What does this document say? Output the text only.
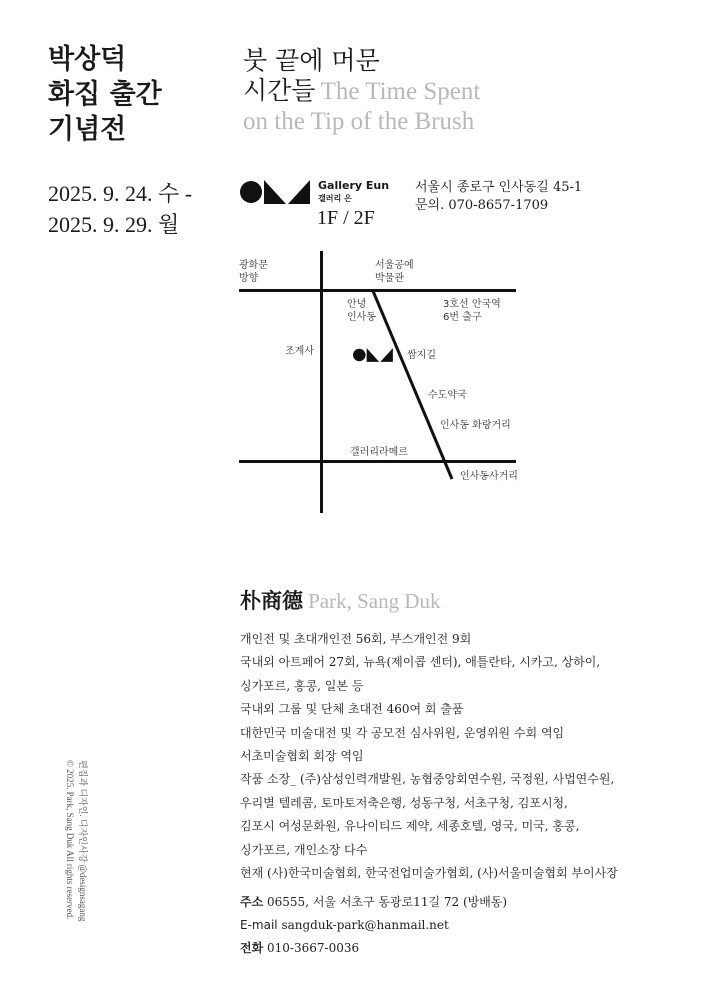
박상덕
화집 출간
기념전
붓 끝에 머문
시간들 The Time Spent
on the Tip of the Brush
2025. 9. 24. 수 -
2025. 9. 29. 월
Gallery Eun
갤러리 은
1F / 2F
서울시 종로구 인사동길 45-1
문의. 070-8657-1709
광화문
방향
서울공예
박물관
안녕
인사동
3호선 안국역
6번 출구
조계사	쌈지길
수도약국
인사동 화랑거리
갤러리라메르
인사동사거리
朴商德 Park, Sang Duk
개인전 및 초대개인전 56회, 부스개인전 9회
국내외 아트페어 27회, 뉴욕(제이콥 센터), 애틀란타, 시카고, 상하이,
싱가포르, 홍콩, 일본 등
국내외 그룹 및 단체 초대전 460여 회 출품
대한민국 미술대전 및 각 공모전 심사위원, 운영위원 수회 역임
서초미술협회 회장 역임
작품 소장_ (주)삼성인력개발원, 농협중앙회연수원, 국정원, 사법연수원,
우리별 텔레콤, 토마토저축은행, 성동구청, 서초구청, 김포시청,
김포시 여성문화원, 유나이티드 제약, 세종호텔, 영국, 미국, 홍콩,
싱가포르, 개인소장 다수
현재 (사)한국미술협회, 한국전업미술가협회, (사)서울미술협회 부이사장
주소 06555, 서울 서초구 동광로11길 72 (방배동)
E-mail sangduk-park@hanmail.net
전화 010-3667-0036
편집과 디자인. 디자인사강 @designsagang
© 2025. Park, Sang Duk All rights reserved.
